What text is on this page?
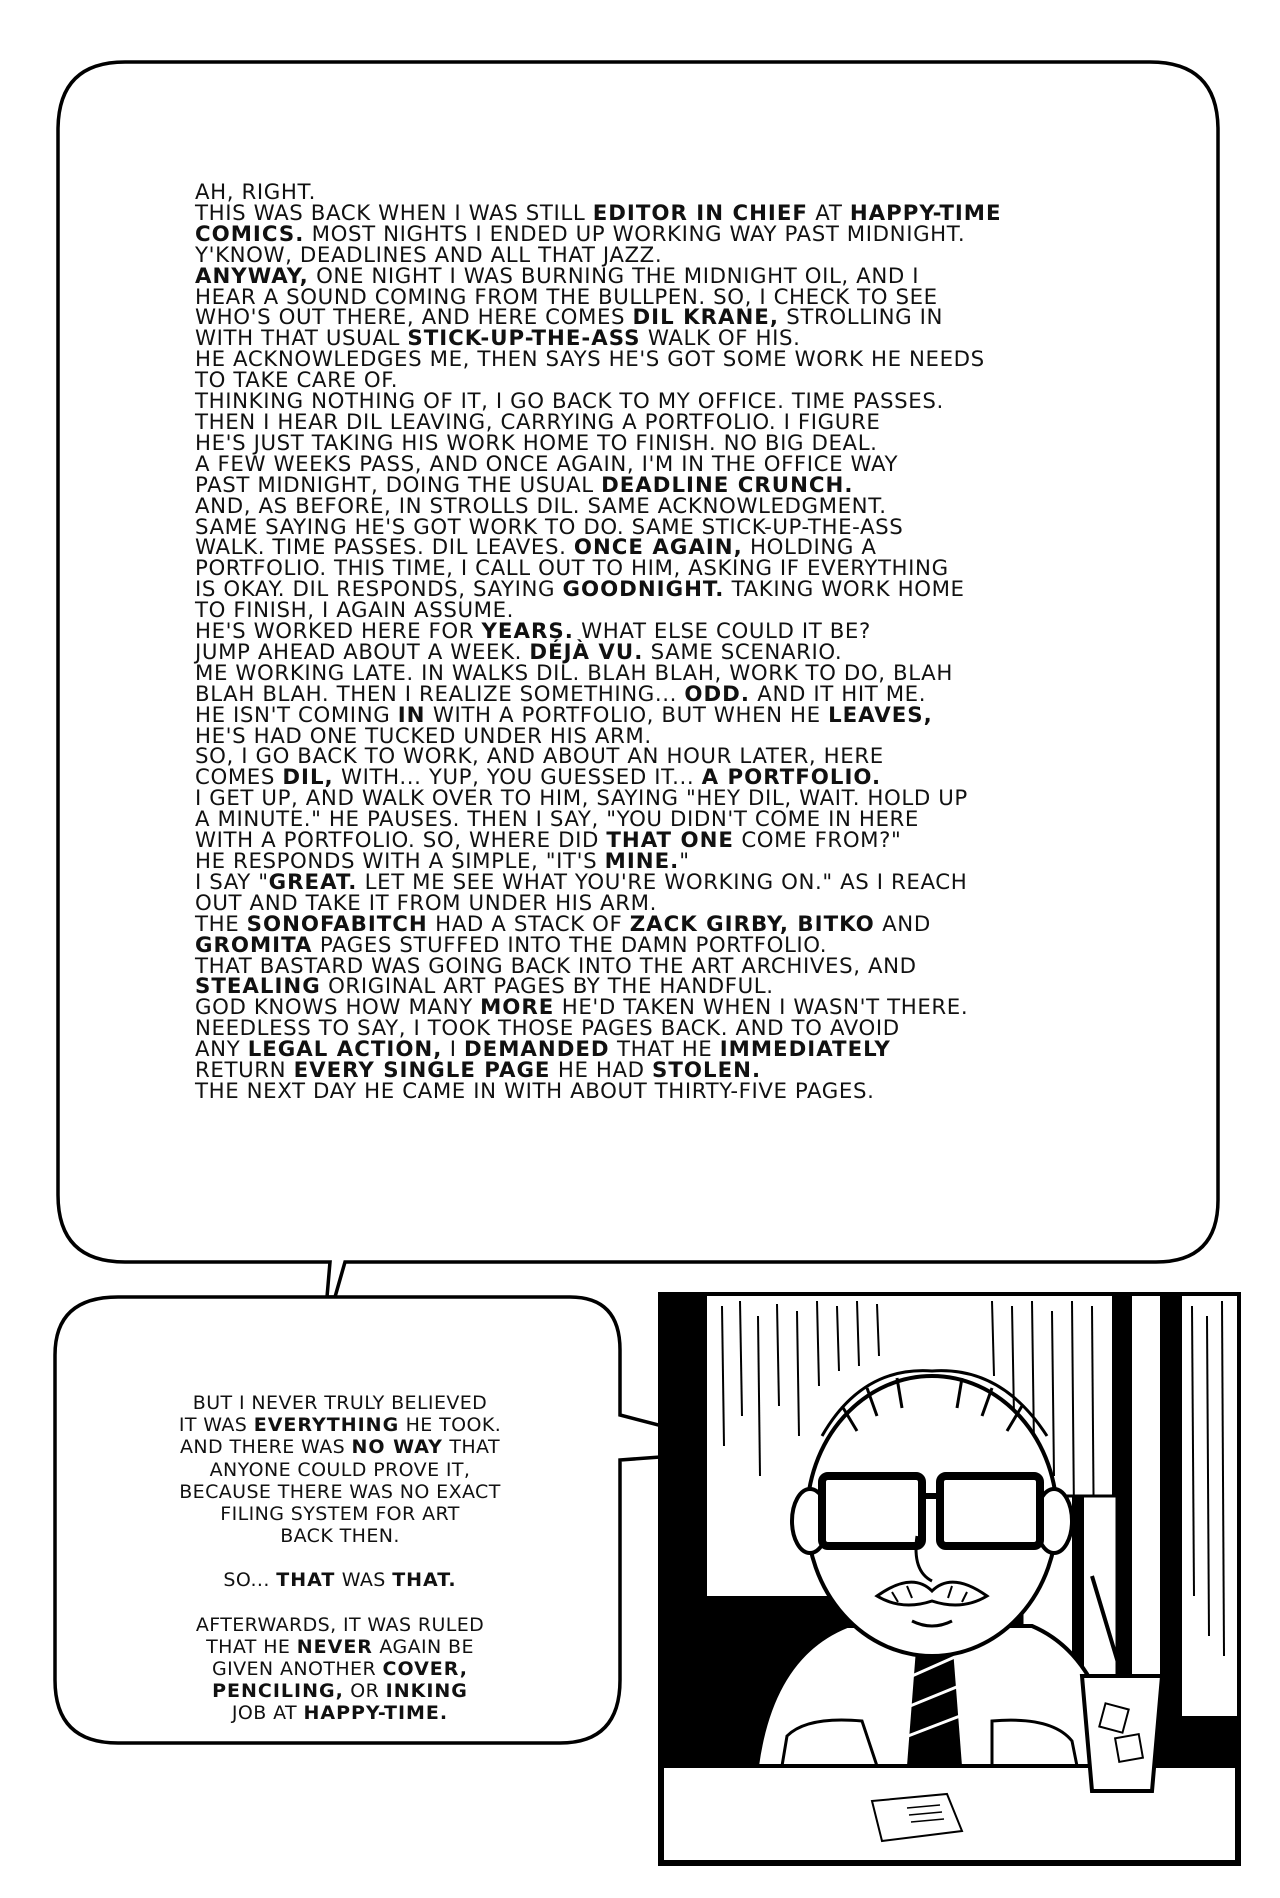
AH, RIGHT.
THIS WAS BACK WHEN I WAS STILL EDITOR IN CHIEF AT HAPPY-TIME
COMICS. MOST NIGHTS I ENDED UP WORKING WAY PAST MIDNIGHT.
Y'KNOW, DEADLINES AND ALL THAT JAZZ.
ANYWAY, ONE NIGHT I WAS BURNING THE MIDNIGHT OIL, AND I
HEAR A SOUND COMING FROM THE BULLPEN. SO, I CHECK TO SEE
WHO'S OUT THERE, AND HERE COMES DIL KRANE, STROLLING IN
WITH THAT USUAL STICK-UP-THE-ASS WALK OF HIS.
HE ACKNOWLEDGES ME, THEN SAYS HE'S GOT SOME WORK HE NEEDS
TO TAKE CARE OF.
THINKING NOTHING OF IT, I GO BACK TO MY OFFICE. TIME PASSES.
THEN I HEAR DIL LEAVING, CARRYING A PORTFOLIO. I FIGURE
HE'S JUST TAKING HIS WORK HOME TO FINISH. NO BIG DEAL.
A FEW WEEKS PASS, AND ONCE AGAIN, I'M IN THE OFFICE WAY
PAST MIDNIGHT, DOING THE USUAL DEADLINE CRUNCH.
AND, AS BEFORE, IN STROLLS DIL. SAME ACKNOWLEDGMENT.
SAME SAYING HE'S GOT WORK TO DO. SAME STICK-UP-THE-ASS
WALK. TIME PASSES. DIL LEAVES. ONCE AGAIN, HOLDING A
PORTFOLIO. THIS TIME, I CALL OUT TO HIM, ASKING IF EVERYTHING
IS OKAY. DIL RESPONDS, SAYING GOODNIGHT. TAKING WORK HOME
TO FINISH, I AGAIN ASSUME.
HE'S WORKED HERE FOR YEARS. WHAT ELSE COULD IT BE?
JUMP AHEAD ABOUT A WEEK. DÉJÀ VU. SAME SCENARIO.
ME WORKING LATE. IN WALKS DIL. BLAH BLAH, WORK TO DO, BLAH
BLAH BLAH. THEN I REALIZE SOMETHING... ODD. AND IT HIT ME.
HE ISN'T COMING IN WITH A PORTFOLIO, BUT WHEN HE LEAVES,
HE'S HAD ONE TUCKED UNDER HIS ARM.
SO, I GO BACK TO WORK, AND ABOUT AN HOUR LATER, HERE
COMES DIL, WITH... YUP, YOU GUESSED IT... A PORTFOLIO.
I GET UP, AND WALK OVER TO HIM, SAYING "HEY DIL, WAIT. HOLD UP
A MINUTE." HE PAUSES. THEN I SAY, "YOU DIDN'T COME IN HERE
WITH A PORTFOLIO. SO, WHERE DID THAT ONE COME FROM?"
HE RESPONDS WITH A SIMPLE, "IT'S MINE."
I SAY "GREAT. LET ME SEE WHAT YOU'RE WORKING ON." AS I REACH
OUT AND TAKE IT FROM UNDER HIS ARM.
THE SONOFABITCH HAD A STACK OF ZACK GIRBY, BITKO AND
GROMITA PAGES STUFFED INTO THE DAMN PORTFOLIO.
THAT BASTARD WAS GOING BACK INTO THE ART ARCHIVES, AND
STEALING ORIGINAL ART PAGES BY THE HANDFUL.
GOD KNOWS HOW MANY MORE HE'D TAKEN WHEN I WASN'T THERE.
NEEDLESS TO SAY, I TOOK THOSE PAGES BACK. AND TO AVOID
ANY LEGAL ACTION, I DEMANDED THAT HE IMMEDIATELY
RETURN EVERY SINGLE PAGE HE HAD STOLEN.
THE NEXT DAY HE CAME IN WITH ABOUT THIRTY-FIVE PAGES.
BUT I NEVER TRULY BELIEVED
IT WAS EVERYTHING HE TOOK.
AND THERE WAS NO WAY THAT
ANYONE COULD PROVE IT,
BECAUSE THERE WAS NO EXACT
FILING SYSTEM FOR ART
BACK THEN.
SO... THAT WAS THAT.
AFTERWARDS, IT WAS RULED
THAT HE NEVER AGAIN BE
GIVEN ANOTHER COVER,
PENCILING, OR INKING
JOB AT HAPPY-TIME.
